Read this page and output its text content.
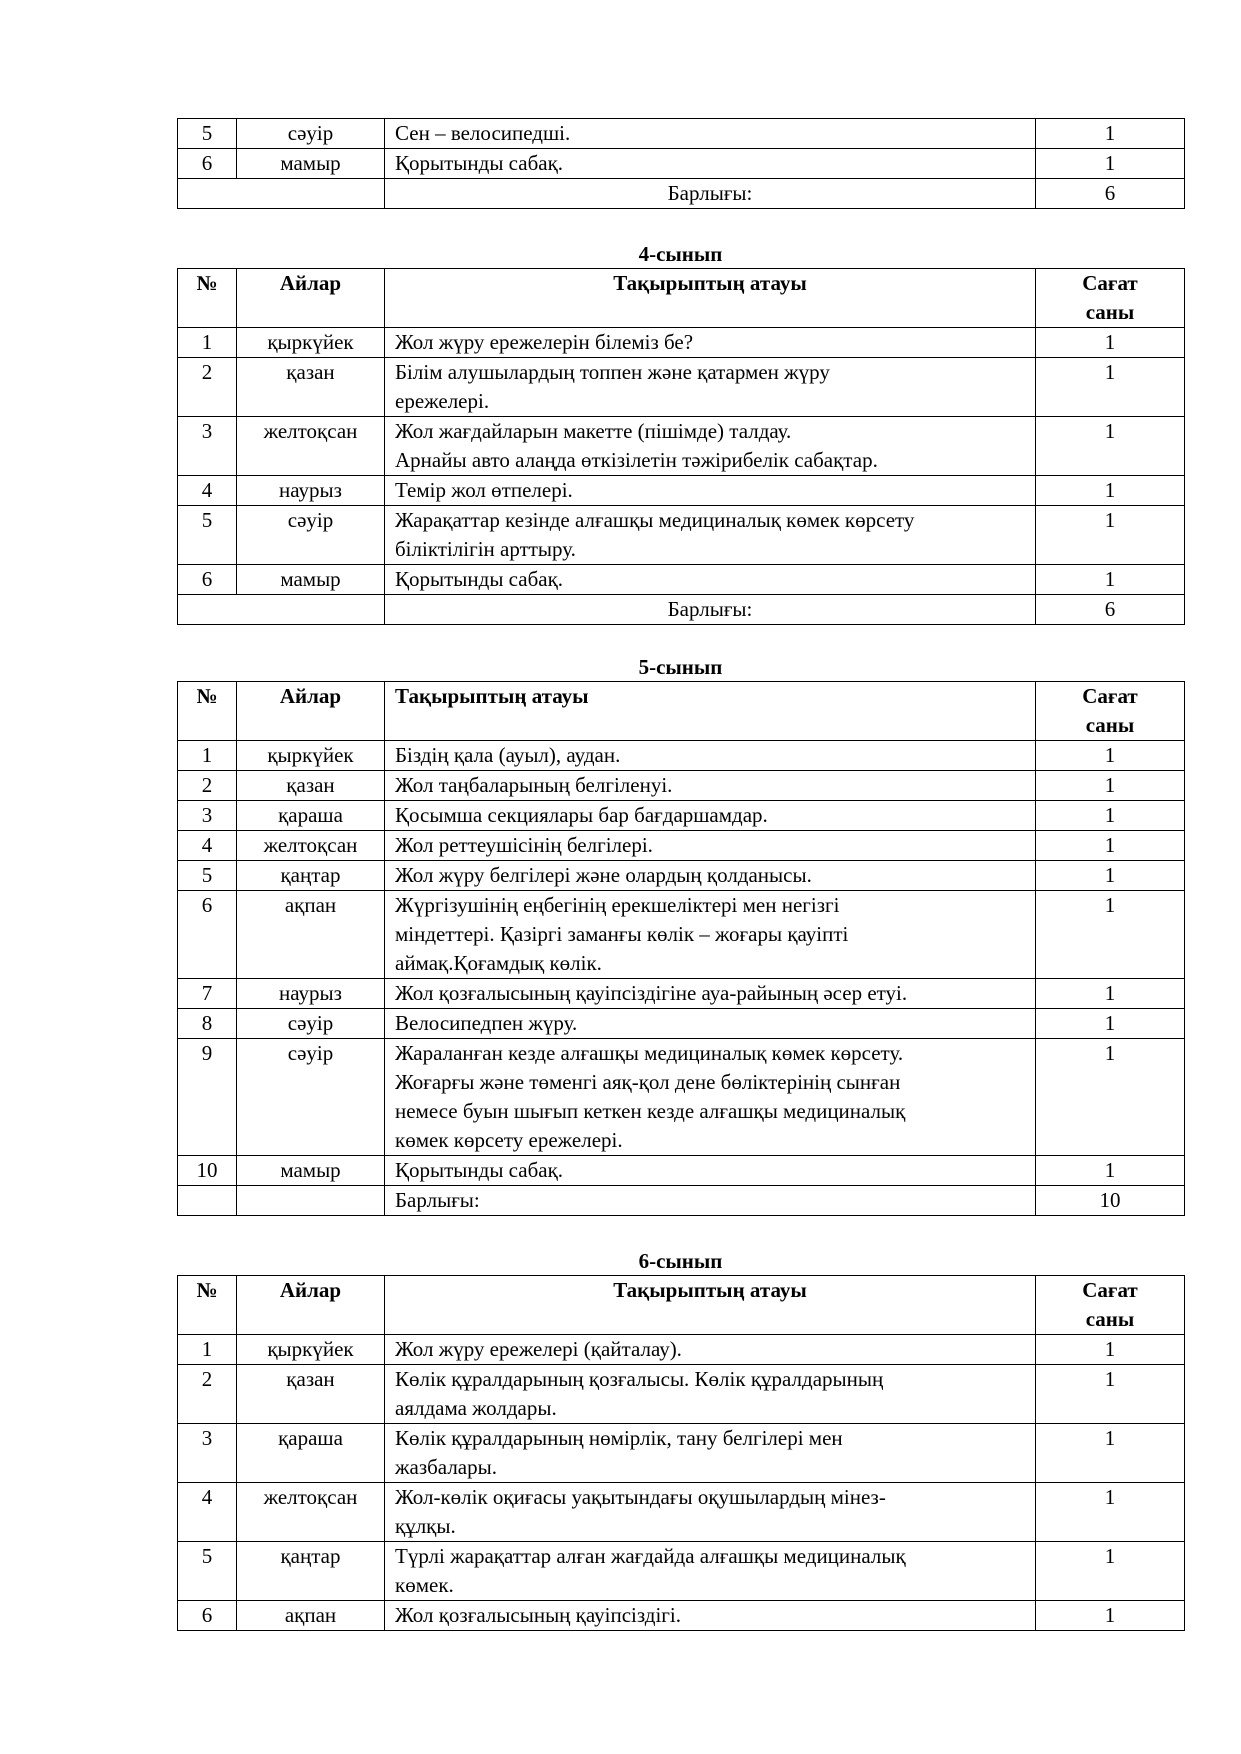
5	сәуір	Сен – велосипедші.	1
6	мамыр	Қорытынды сабақ.	1
		Барлығы:	6
4-сынып
№	Айлар	Тақырыптың атауы	Сағат
саны

1	қыркүйек	Жол жүру ережелерін білеміз бе?	1
2	қазан	Білім алушылардың топпен және қатармен жүру
ережелері.	1
3	желтоқсан	Жол жағдайларын макетте (пішімде) талдау.
Арнайы авто алаңда өткізілетін тәжірибелік сабақтар.	1
4	наурыз	Темір жол өтпелері.	1
5	сәуір	Жарақаттар кезінде алғашқы медициналық көмек көрсету
біліктілігін арттыру.	1
6	мамыр	Қорытынды сабақ.	1
		Барлығы:	6
5-сынып
№	Айлар	Тақырыптың атауы	Сағат
саны

1	қыркүйек	Біздің қала (ауыл), аудан.	1
2	қазан	Жол таңбаларының белгіленуі.	1
3	қараша	Қосымша секциялары бар бағдаршамдар.	1
4	желтоқсан	Жол реттеушісінің белгілері.	1
5	қаңтар	Жол жүру белгілері және олардың қолданысы.	1
6	ақпан	Жүргізушінің еңбегінің ерекшеліктері мен негізгі
міндеттері. Қазіргі заманғы көлік – жоғары қауіпті
аймақ.Қоғамдық көлік.	1
7	наурыз	Жол қозғалысының қауіпсіздігіне ауа-райының әсер етуі.	1
8	сәуір	Велосипедпен жүру.	1
9	сәуір	Жараланған кезде алғашқы медициналық көмек көрсету.
Жоғарғы және төменгі аяқ-қол дене бөліктерінің сынған
немесе буын шығып кеткен кезде алғашқы медициналық
көмек көрсету ережелері.	1
10	мамыр	Қорытынды сабақ.	1
		Барлығы:	10
6-сынып
№	Айлар	Тақырыптың атауы	Сағат
саны

1	қыркүйек	Жол жүру ережелері (қайталау).	1
2	қазан	Көлік құралдарының қозғалысы. Көлік құралдарының
аялдама жолдары.	1
3	қараша	Көлік құралдарының нөмірлік, тану белгілері мен
жазбалары.	1
4	желтоқсан	Жол-көлік оқиғасы уақытындағы оқушылардың мінез-
құлқы.	1
5	қаңтар	Түрлі жарақаттар алған жағдайда алғашқы медициналық
көмек.	1
6	ақпан	Жол қозғалысының қауіпсіздігі.	1
